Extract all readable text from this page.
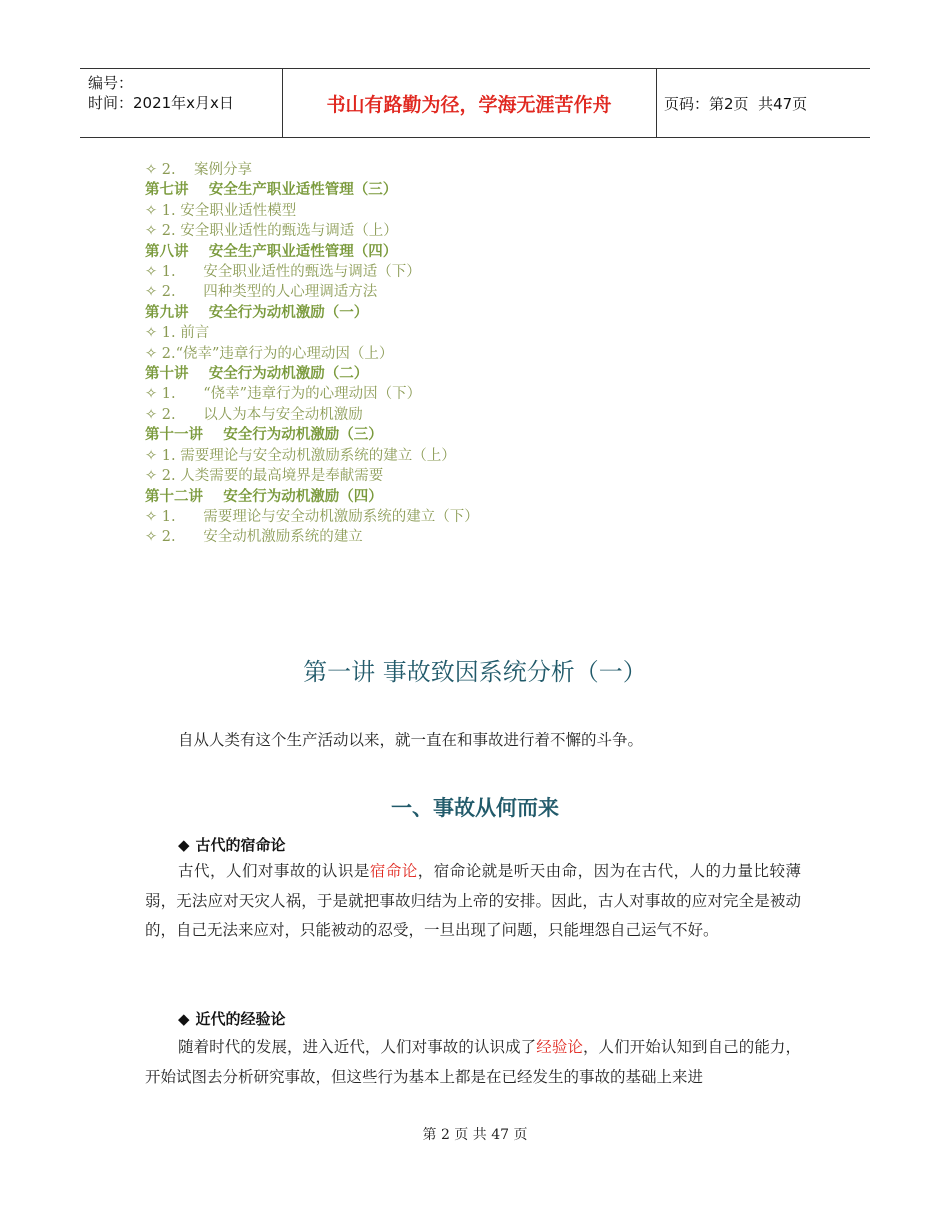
编号：
时间：2021年x月x日	书山有路勤为径，学海无涯苦作舟	页码：第2页  共47页
✧ 2.    案例分享
第七讲    安全生产职业适性管理（三）
✧ 1. 安全职业适性模型
✧ 2. 安全职业适性的甄选与调适（上）
第八讲    安全生产职业适性管理（四）
✧ 1.      安全职业适性的甄选与调适（下）
✧ 2.      四种类型的人心理调适方法
第九讲    安全行为动机激励（一）
✧ 1. 前言
✧ 2.“侥幸”违章行为的心理动因（上）
第十讲    安全行为动机激励（二）
✧ 1.      “侥幸”违章行为的心理动因（下）
✧ 2.      以人为本与安全动机激励
第十一讲    安全行为动机激励（三）
✧ 1. 需要理论与安全动机激励系统的建立（上）
✧ 2. 人类需要的最高境界是奉献需要
第十二讲    安全行为动机激励（四）
✧ 1.      需要理论与安全动机激励系统的建立（下）
✧ 2.      安全动机激励系统的建立
第一讲 事故致因系统分析（一）
自从人类有这个生产活动以来，就一直在和事故进行着不懈的斗争。
一、事故从何而来
◆ 古代的宿命论
古代，人们对事故的认识是宿命论，宿命论就是听天由命，因为在古代，人的力量比较薄弱，无法应对天灾人祸，于是就把事故归结为上帝的安排。因此，古人对事故的应对完全是被动的，自己无法来应对，只能被动的忍受，一旦出现了问题，只能埋怨自己运气不好。
◆ 近代的经验论
随着时代的发展，进入近代，人们对事故的认识成了经验论，人们开始认知到自己的能力，开始试图去分析研究事故，但这些行为基本上都是在已经发生的事故的基础上来进
第 2 页 共 47 页
